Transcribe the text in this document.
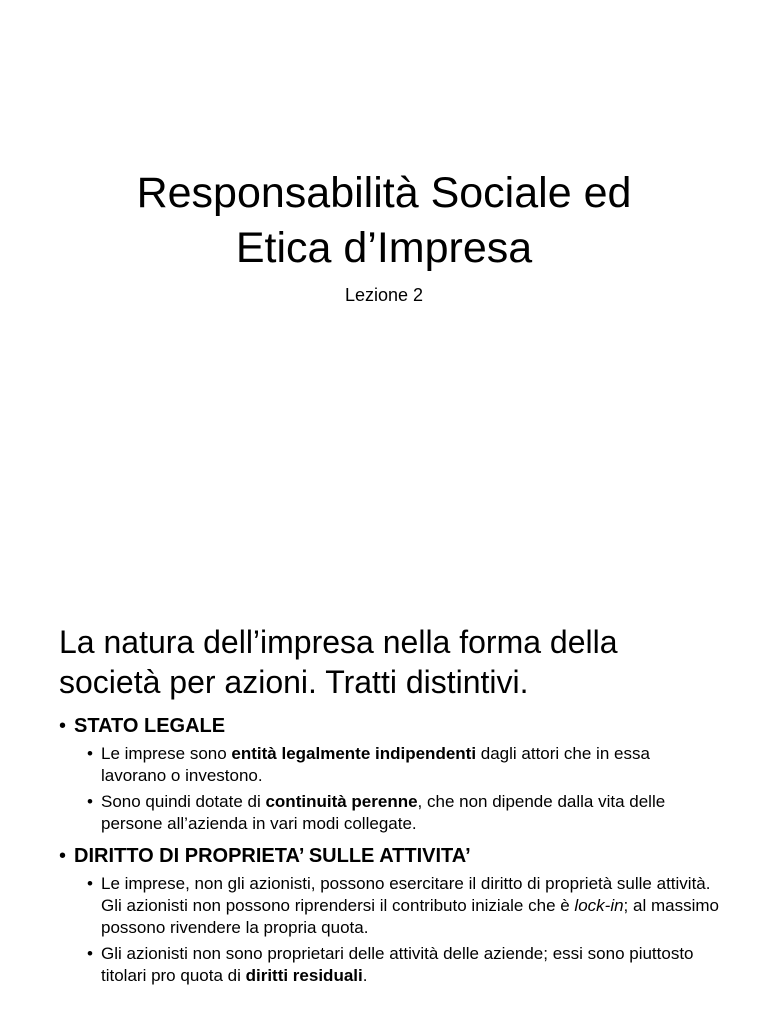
Responsabilità Sociale ed
Etica d’Impresa
Lezione 2
La natura dell’impresa nella forma della
società per azioni. Tratti distintivi.
• STATO LEGALE
• Le imprese sono entità legalmente indipendenti dagli attori che in essa lavorano o investono.
• Sono quindi dotate di continuità perenne, che non dipende dalla vita delle persone all’azienda in vari modi collegate.
• DIRITTO DI PROPRIETA’ SULLE ATTIVITA’
• Le imprese, non gli azionisti, possono esercitare il diritto di proprietà sulle attività. Gli azionisti non possono riprendersi il contributo iniziale che è lock-in; al massimo possono rivendere la propria quota.
• Gli azionisti non sono proprietari delle attività delle aziende; essi sono piuttosto titolari pro quota di diritti residuali.
